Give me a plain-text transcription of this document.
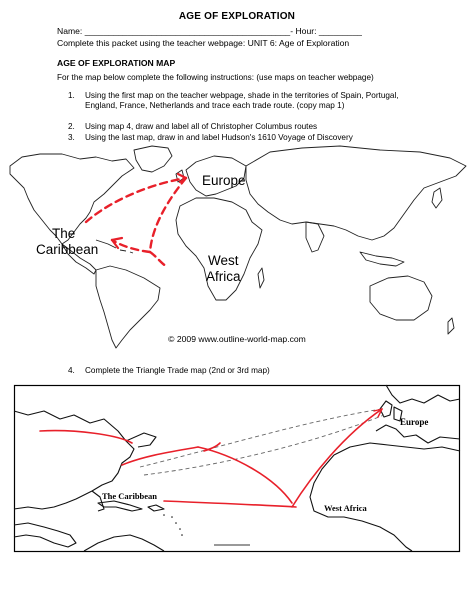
AGE OF EXPLORATION
Name: ___________________________________________- Hour: _________
Complete this packet using the teacher webpage: UNIT 6: Age of Exploration
AGE OF EXPLORATION MAP
For the map below complete the following instructions: (use maps on teacher webpage)
1. Using the first map on the teacher webpage, shade in the territories of Spain, Portugal, England, France, Netherlands and trace each trade route. (copy map 1)
2. Using map 4, draw and label all of Christopher Columbus routes
3. Using the last map, draw in and label Hudson's 1610 Voyage of Discovery
Europe
The
Caribbean
West
Africa
© 2009 www.outline-world-map.com
4. Complete the Triangle Trade map (2nd or 3rd map)
Europe
The Caribbean
West Africa
